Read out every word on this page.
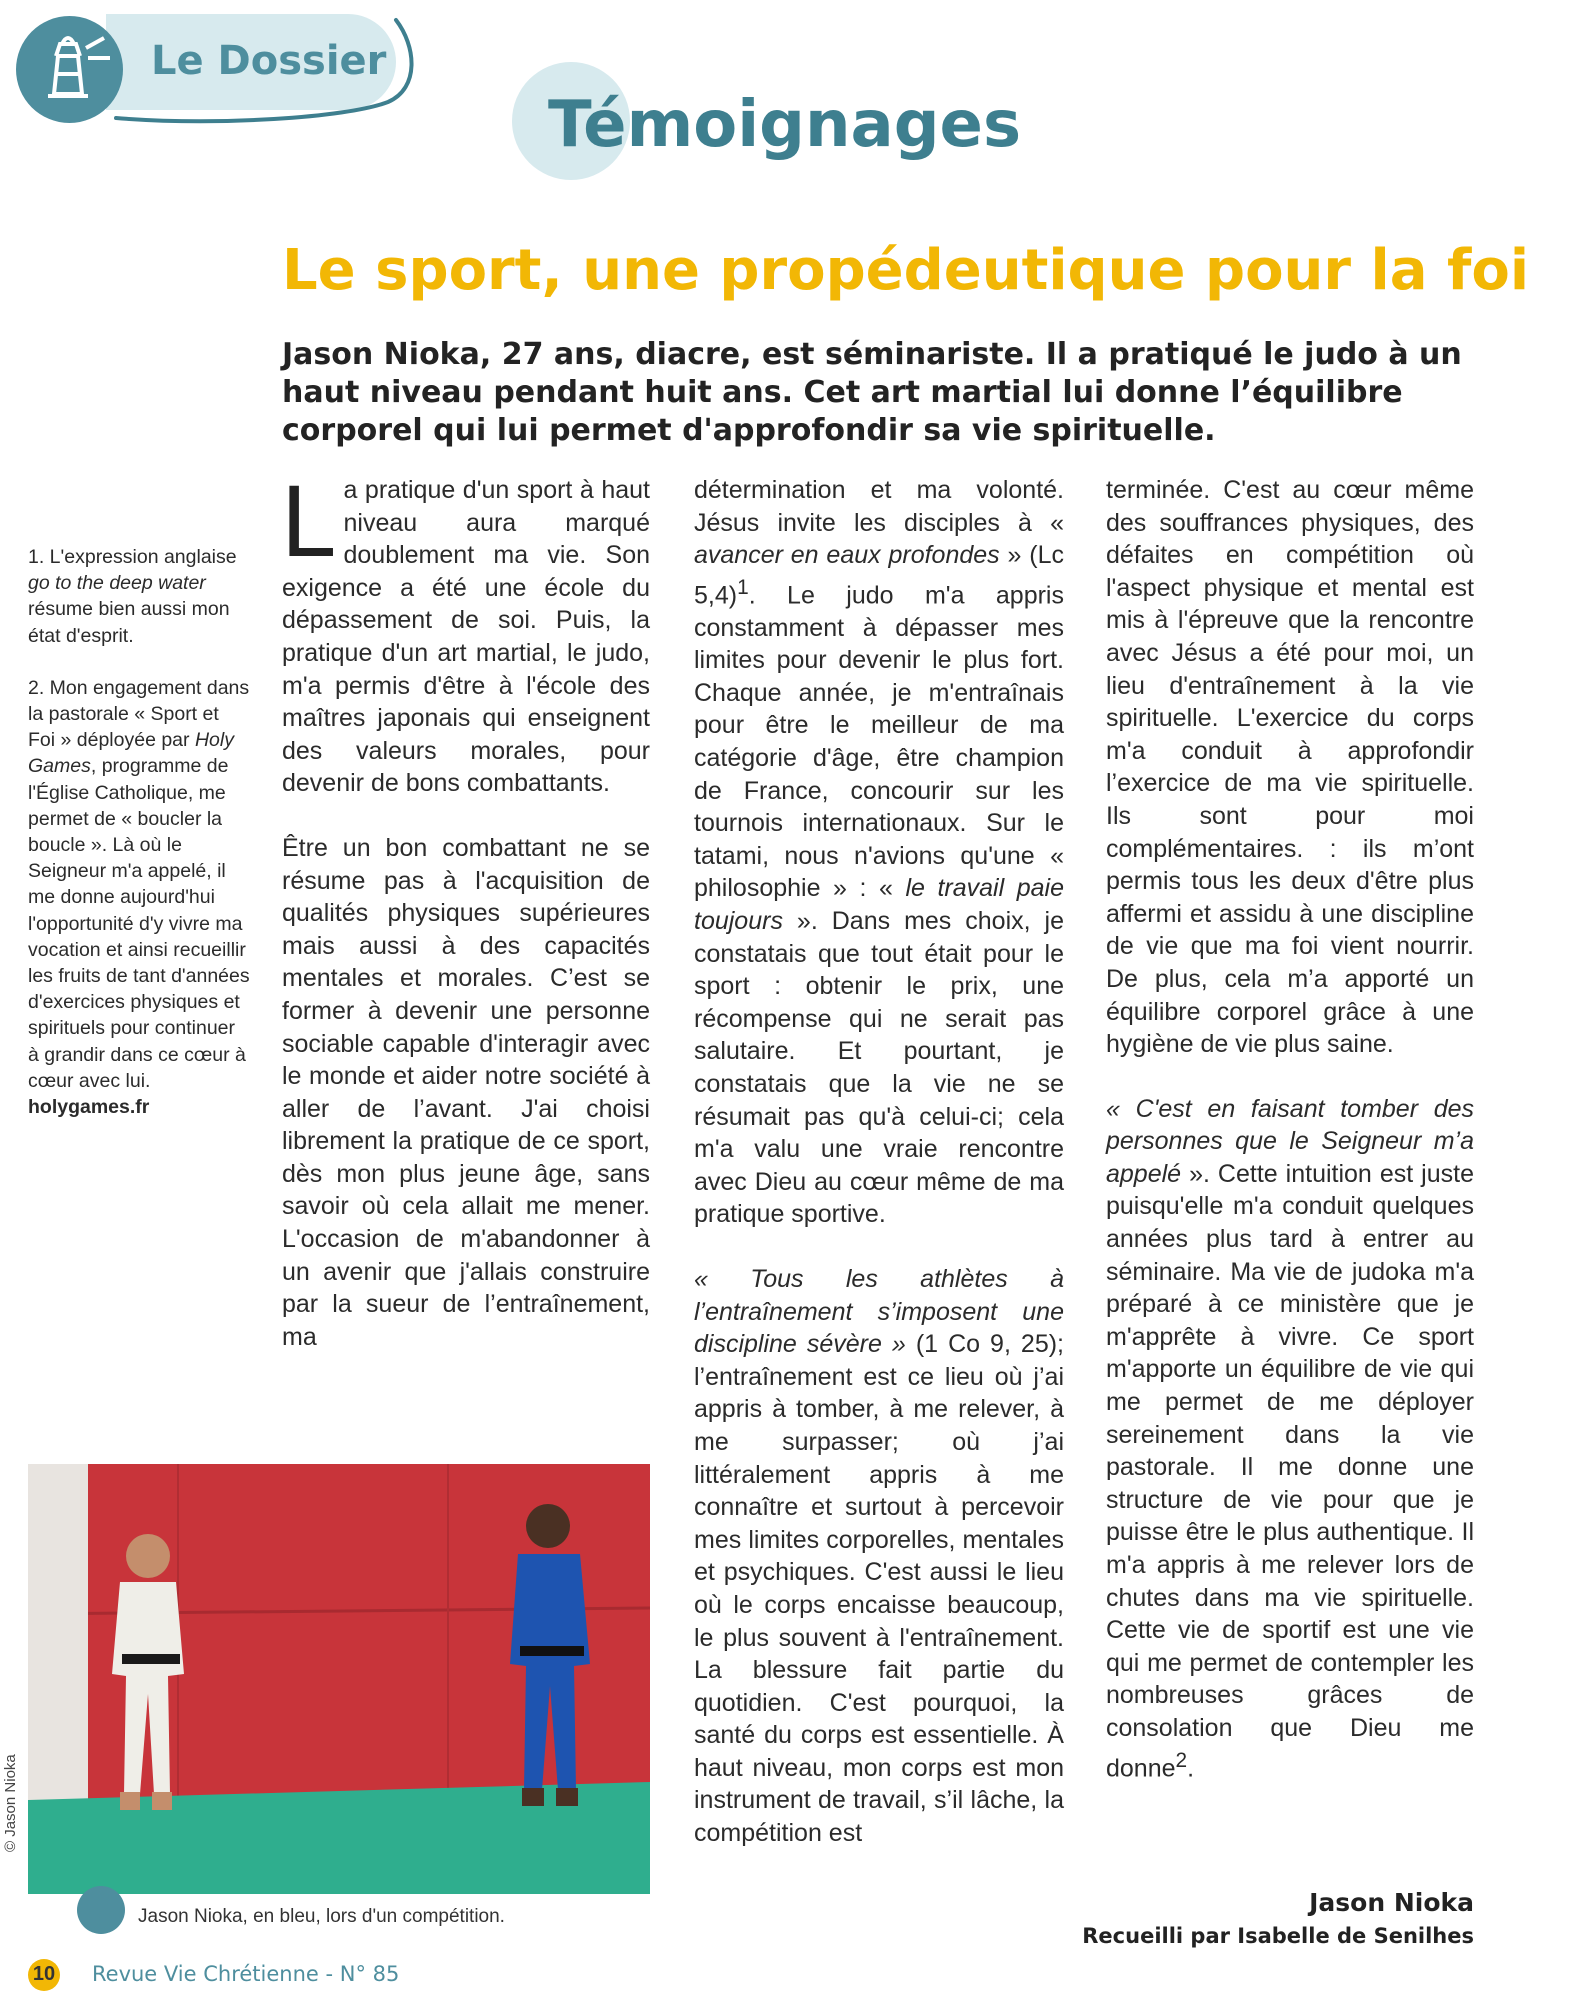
Le Dossier
Témoignages
Le sport, une propédeutique pour la foi

Jason Nioka, 27 ans, diacre, est séminariste. Il a pratiqué le judo à un haut niveau pendant huit ans. Cet art martial lui donne l’équilibre corporel qui lui permet d'approfondir sa vie spirituelle.

1. L'expression anglaise go to the deep water résume bien aussi mon état d'esprit.

2. Mon engagement dans la pastorale « Sport et Foi » déployée par Holy Games, programme de l'Église Catholique, me permet de « boucler la boucle ». Là où le Seigneur m'a appelé, il me donne aujourd'hui l'opportunité d'y vivre ma vocation et ainsi recueillir les fruits de tant d'années d'exercices physiques et spirituels pour continuer à grandir dans ce cœur à cœur avec lui.
holygames.fr

La pratique d'un sport à haut niveau aura marqué doublement ma vie. Son exigence a été une école du dépassement de soi. Puis, la pratique d'un art martial, le judo, m'a permis d'être à l'école des maîtres japonais qui enseignent des valeurs morales, pour devenir de bons combattants.

Être un bon combattant ne se résume pas à l'acquisition de qualités physiques supérieures mais aussi à des capacités mentales et morales. C’est se former à devenir une personne sociable capable d'interagir avec le monde et aider notre société à aller de l’avant. J'ai choisi librement la pratique de ce sport, dès mon plus jeune âge, sans savoir où cela allait me mener. L'occasion de m'abandonner à un avenir que j'allais construire par la sueur de l’entraînement, ma

détermination et ma volonté. Jésus invite les disciples à « avancer en eaux profondes » (Lc 5,4)$^1$. Le judo m'a appris constamment à dépasser mes limites pour devenir le plus fort. Chaque année, je m'entraînais pour être le meilleur de ma catégorie d'âge, être champion de France, concourir sur les tournois internationaux. Sur le tatami, nous n'avions qu'une « philosophie » : « le travail paie toujours ». Dans mes choix, je constatais que tout était pour le sport : obtenir le prix, une récompense qui ne serait pas salutaire. Et pourtant, je constatais que la vie ne se résumait pas qu'à celui-ci; cela m'a valu une vraie rencontre avec Dieu au cœur même de ma pratique sportive.

« Tous les athlètes à l’entraînement s’imposent une discipline sévère » (1 Co 9, 25); l’entraînement est ce lieu où j’ai appris à tomber, à me relever, à me surpasser; où j’ai littéralement appris à me connaître et surtout à percevoir mes limites corporelles, mentales et psychiques. C'est aussi le lieu où le corps encaisse beaucoup, le plus souvent à l'entraînement. La blessure fait partie du quotidien. C'est pourquoi, la santé du corps est essentielle. À haut niveau, mon corps est mon instrument de travail, s’il lâche, la compétition est

terminée. C'est au cœur même des souffrances physiques, des défaites en compétition où l'aspect physique et mental est mis à l'épreuve que la rencontre avec Jésus a été pour moi, un lieu d'entraînement à la vie spirituelle. L'exercice du corps m'a conduit à approfondir l’exercice de ma vie spirituelle. Ils sont pour moi complémentaires. : ils m’ont permis tous les deux d'être plus affermi et assidu à une discipline de vie que ma foi vient nourrir. De plus, cela m’a apporté un équilibre corporel grâce à une hygiène de vie plus saine.

« C'est en faisant tomber des personnes que le Seigneur m’a appelé ». Cette intuition est juste puisqu'elle m'a conduit quelques années plus tard à entrer au séminaire. Ma vie de judoka m'a préparé à ce ministère que je m'apprête à vivre. Ce sport m'apporte un équilibre de vie qui me permet de me déployer sereinement dans la vie pastorale. Il me donne une structure de vie pour que je puisse être le plus authentique. Il m'a appris à me relever lors de chutes dans ma vie spirituelle. Cette vie de sportif est une vie qui me permet de contempler les nombreuses grâces de consolation que Dieu me donne$^2$.

© Jason Nioka
Jason Nioka, en bleu, lors d'un compétition.	Jason Nioka
Recueilli par Isabelle de Senilhes
10 Revue Vie Chrétienne - N° 85
